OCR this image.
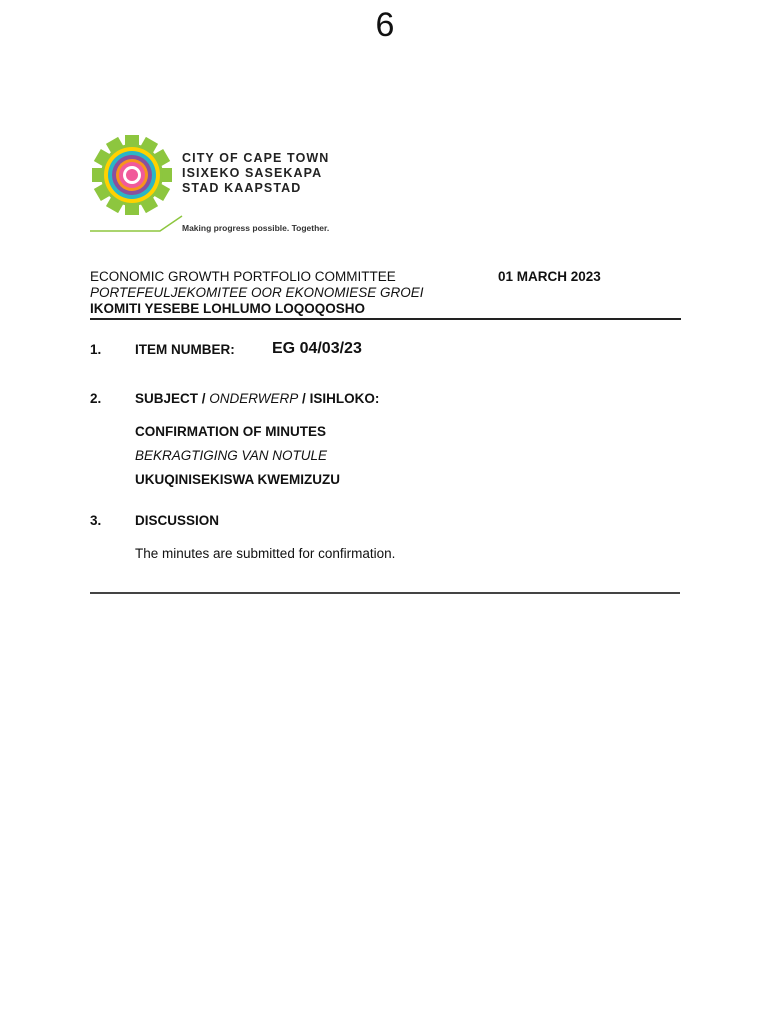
6
CITY OF CAPE TOWN
ISIXEKO SASEKAPA
STAD KAAPSTAD
Making progress possible. Together.
ECONOMIC GROWTH PORTFOLIO COMMITTEE
PORTEFEULJEKOMITEE OOR EKONOMIESE GROEI
IKOMITI YESEBE LOHLUMO LOQOQOSHO
01 MARCH 2023
1. ITEM NUMBER: EG 04/03/23
2. SUBJECT / ONDERWERP / ISIHLOKO:
CONFIRMATION OF MINUTES
BEKRAGTIGING VAN NOTULE
UKUQINISEKISWA KWEMIZUZU
3. DISCUSSION
The minutes are submitted for confirmation.
